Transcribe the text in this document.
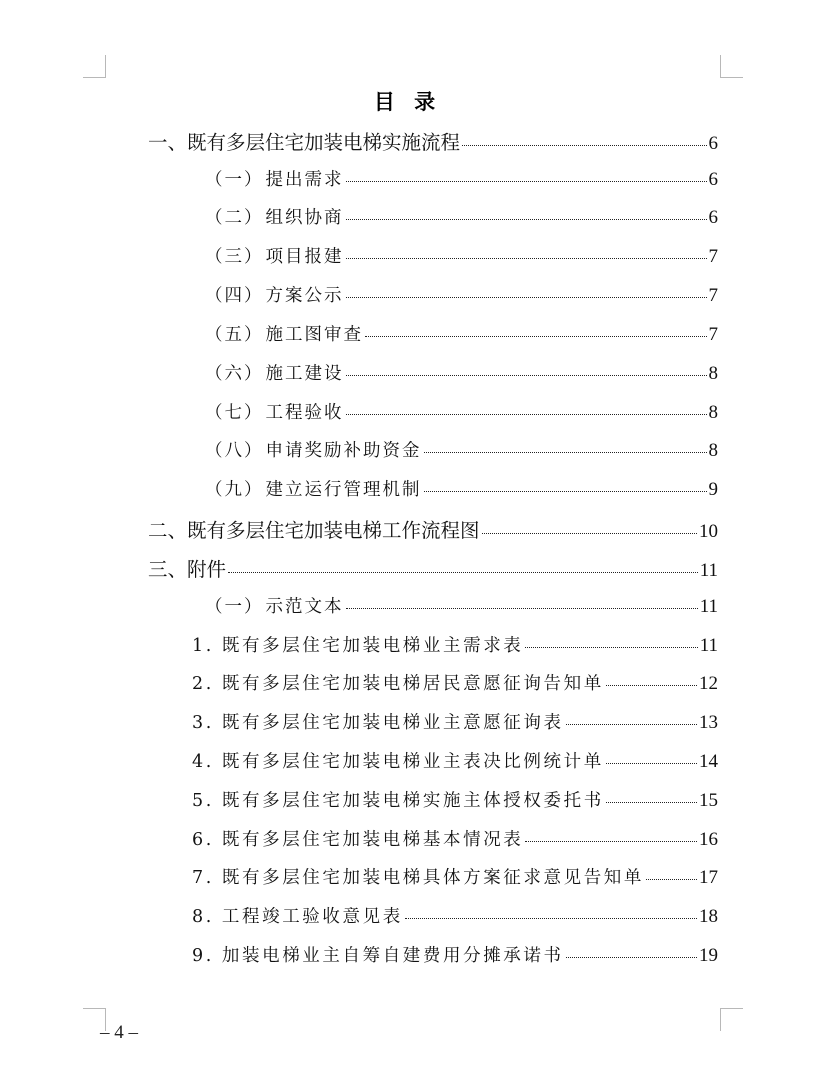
目 录
一、 既有多层住宅加装电梯实施流程	6
（一） 提出需求	6
（二） 组织协商	6
（三） 项目报建	7
（四） 方案公示	7
（五） 施工图审查	7
（六） 施工建设	8
（七） 工程验收	8
（八） 申请奖励补助资金	8
（九） 建立运行管理机制	9
二、 既有多层住宅加装电梯工作流程图	10
三、 附件	11
（一） 示范文本	11
1. 既有多层住宅加装电梯业主需求表	11
2. 既有多层住宅加装电梯居民意愿征询告知单	12
3. 既有多层住宅加装电梯业主意愿征询表	13
4. 既有多层住宅加装电梯业主表决比例统计单	14
5. 既有多层住宅加装电梯实施主体授权委托书	15
6. 既有多层住宅加装电梯基本情况表	16
7. 既有多层住宅加装电梯具体方案征求意见告知单	17
8. 工程竣工验收意见表	18
9. 加装电梯业主自筹自建费用分摊承诺书	19
– 4 –
